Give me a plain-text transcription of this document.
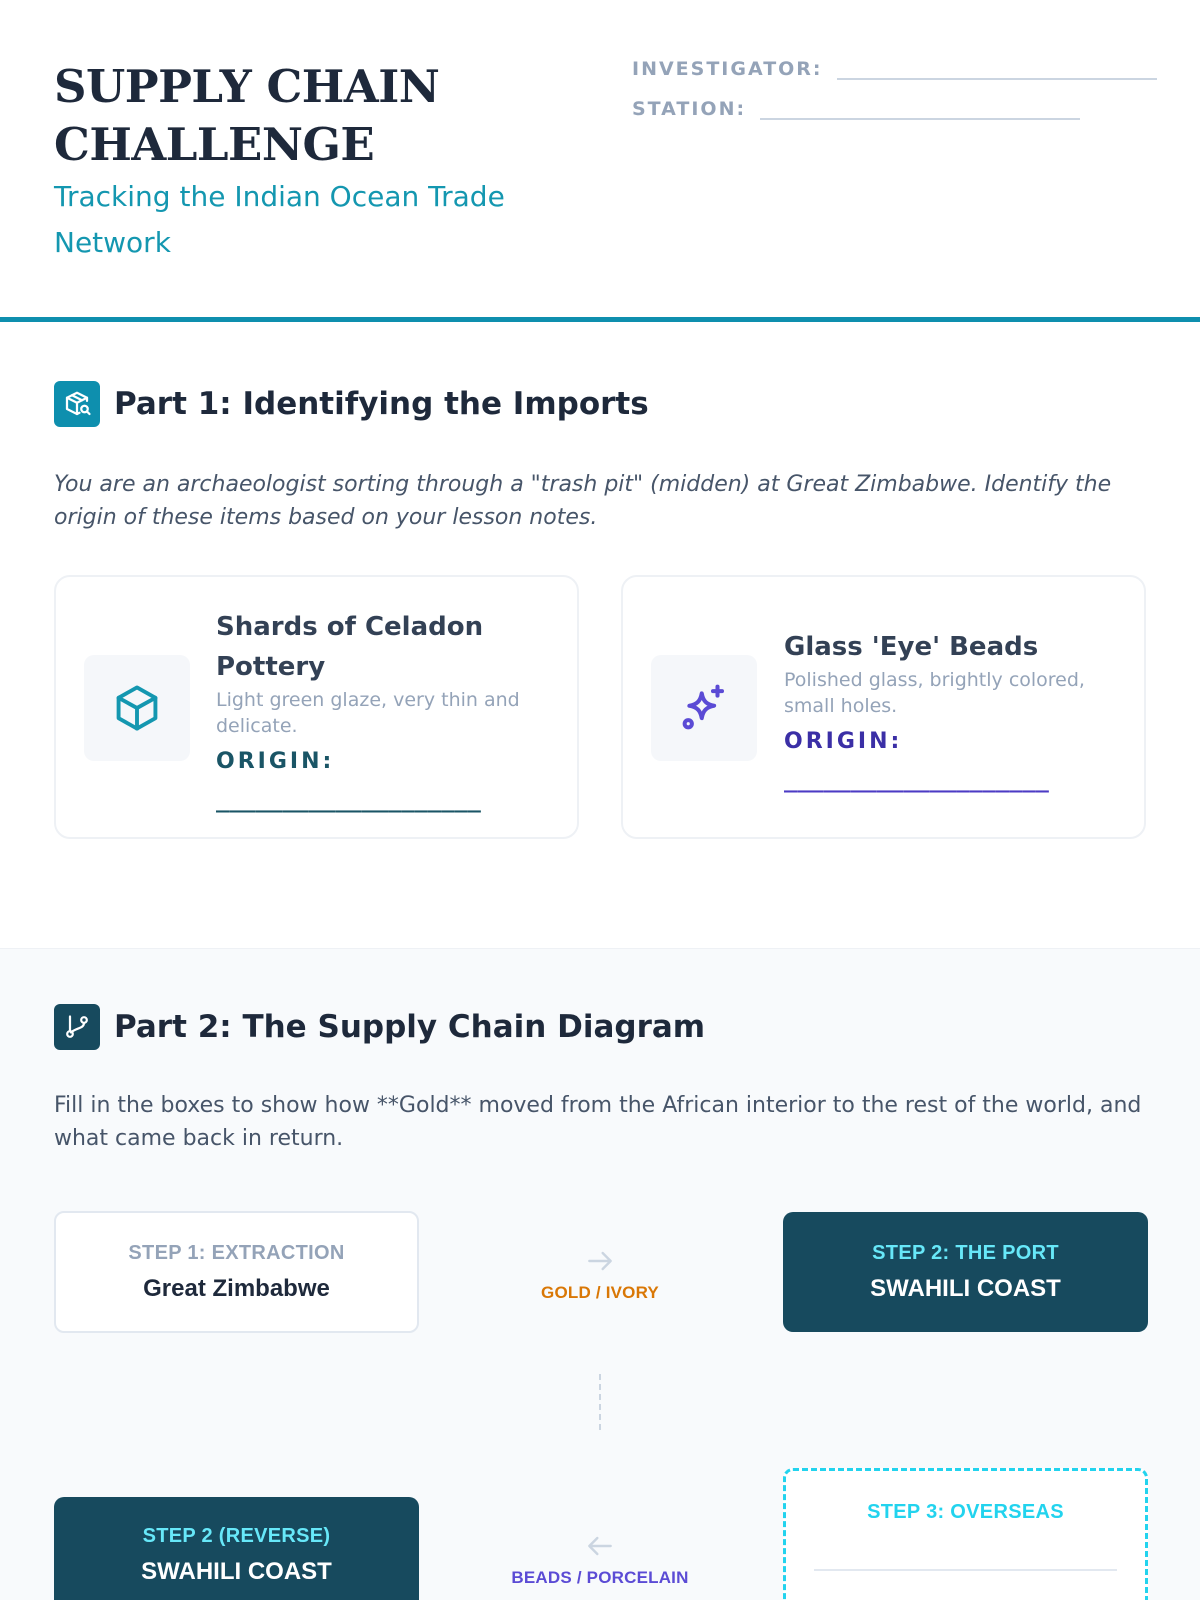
SUPPLY CHAIN CHALLENGE
Tracking the Indian Ocean Trade Network
INVESTIGATOR:
STATION:
Part 1: Identifying the Imports
You are an archaeologist sorting through a "trash pit" (midden) at Great Zimbabwe. Identify the origin of these items based on your lesson notes.
Shards of Celadon Pottery
Light green glaze, very thin and delicate.
ORIGIN:
____________________
Glass 'Eye' Beads
Polished glass, brightly colored, small holes.
ORIGIN:
____________________
Part 2: The Supply Chain Diagram
Fill in the boxes to show how **Gold** moved from the African interior to the rest of the world, and what came back in return.
STEP 1: EXTRACTION
Great Zimbabwe	GOLD / IVORY
STEP 2: THE PORT
SWAHILI COAST
STEP 2 (REVERSE)
SWAHILI COAST	BEADS / PORCELAIN
STEP 3: OVERSEAS
